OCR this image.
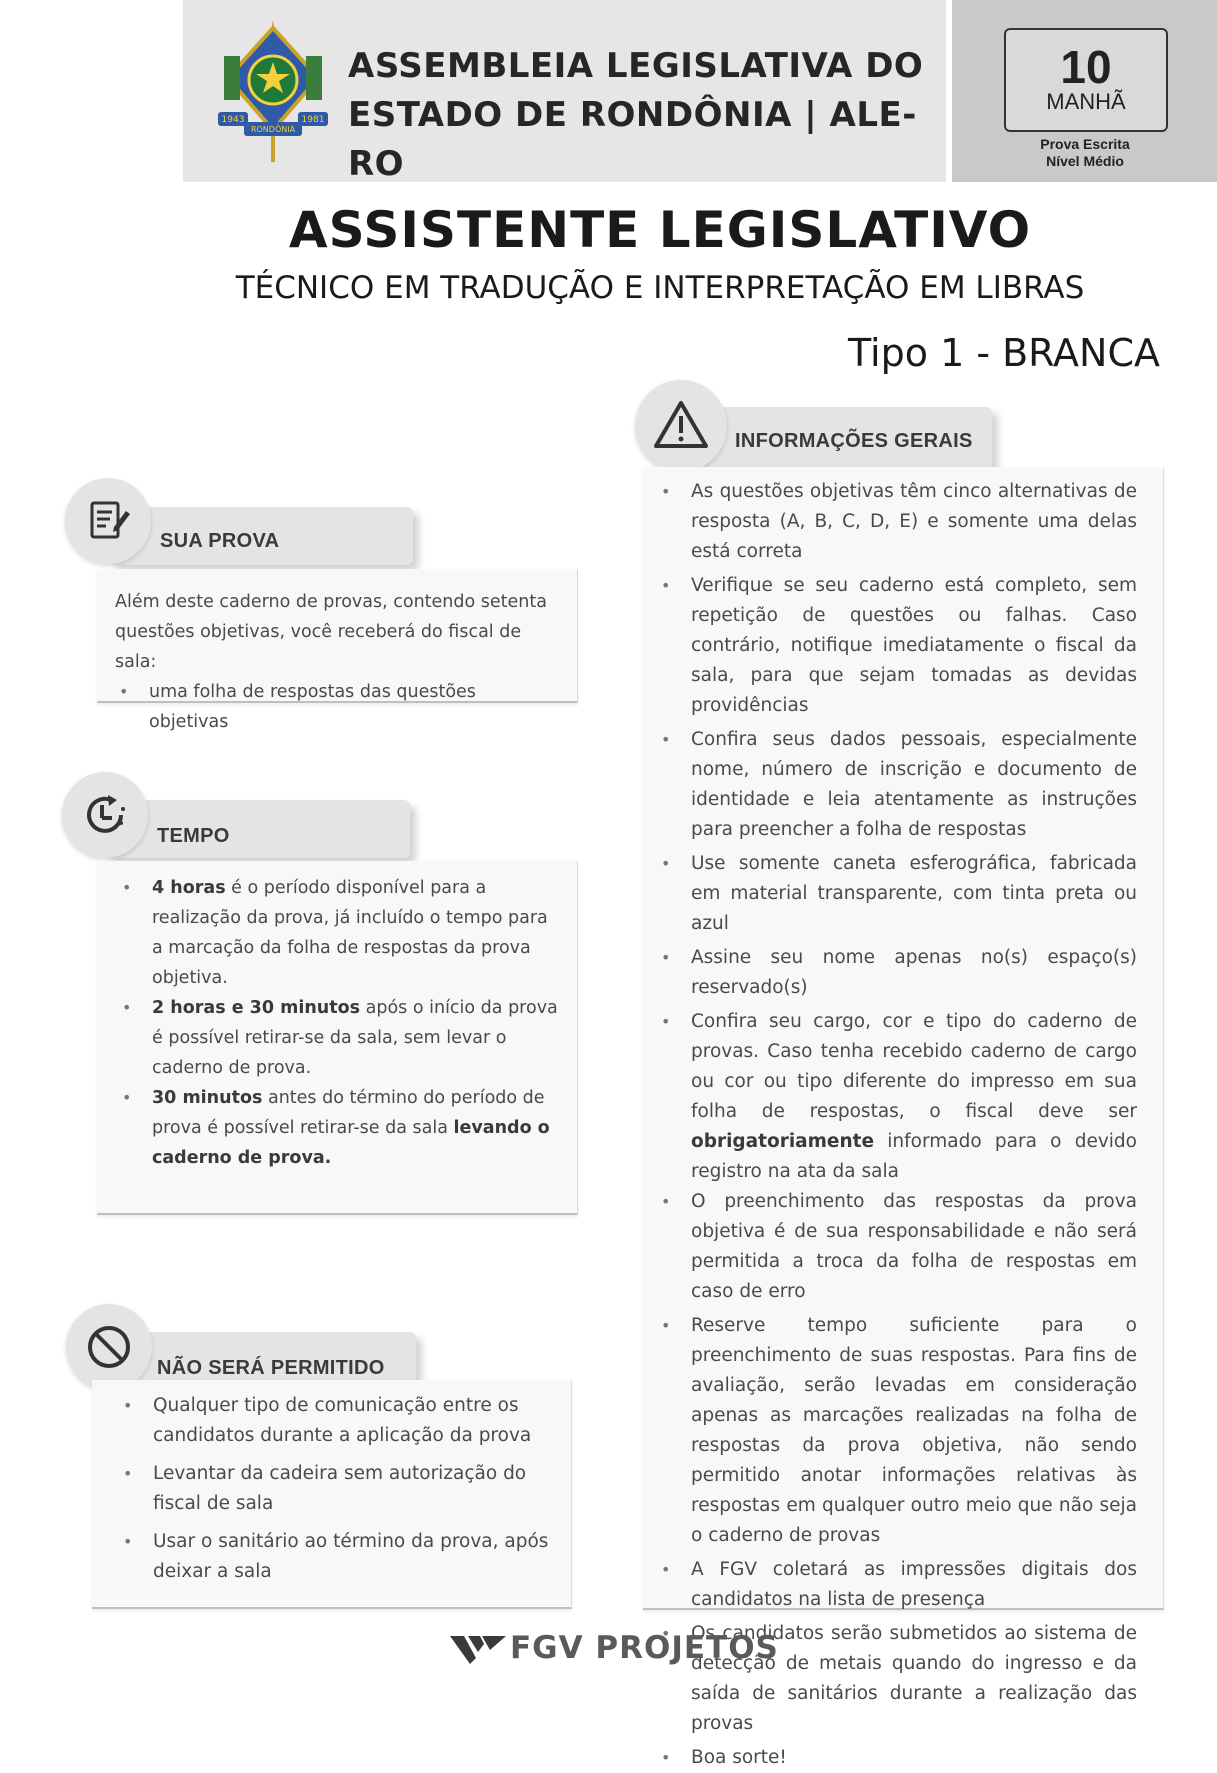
1943	1981
RONDÔNIA
ASSEMBLEIA LEGISLATIVA DO
ESTADO DE RONDÔNIA | ALE-RO
10
MANHÃ
Prova Escrita
Nível Médio
ASSISTENTE LEGISLATIVO
TÉCNICO EM TRADUÇÃO E INTERPRETAÇÃO EM LIBRAS
Tipo 1 - BRANCA
SUA PROVA
Além deste caderno de provas, contendo setenta questões objetivas, você receberá do fiscal de sala:
• uma folha de respostas das questões objetivas
TEMPO
• 4 horas é o período disponível para a realização da prova, já incluído o tempo para a marcação da folha de respostas da prova objetiva.
• 2 horas e 30 minutos após o início da prova é possível retirar-se da sala, sem levar o caderno de prova.
• 30 minutos antes do término do período de prova é possível retirar-se da sala levando o caderno de prova.
NÃO SERÁ PERMITIDO
• Qualquer tipo de comunicação entre os candidatos durante a aplicação da prova
• Levantar da cadeira sem autorização do fiscal de sala
• Usar o sanitário ao término da prova, após deixar a sala
INFORMAÇÕES GERAIS
• As questões objetivas têm cinco alternativas de resposta (A, B, C, D, E) e somente uma delas está correta
• Verifique se seu caderno está completo, sem repetição de questões ou falhas. Caso contrário, notifique imediatamente o fiscal da sala, para que sejam tomadas as devidas providências
• Confira seus dados pessoais, especialmente nome, número de inscrição e documento de identidade e leia atentamente as instruções para preencher a folha de respostas
• Use somente caneta esferográfica, fabricada em material transparente, com tinta preta ou azul
• Assine seu nome apenas no(s) espaço(s) reservado(s)
• Confira seu cargo, cor e tipo do caderno de provas. Caso tenha recebido caderno de cargo ou cor ou tipo diferente do impresso em sua folha de respostas, o fiscal deve ser obrigatoriamente informado para o devido registro na ata da sala
• O preenchimento das respostas da prova objetiva é de sua responsabilidade e não será permitida a troca da folha de respostas em caso de erro
• Reserve tempo suficiente para o preenchimento de suas respostas. Para fins de avaliação, serão levadas em consideração apenas as marcações realizadas na folha de respostas da prova objetiva, não sendo permitido anotar informações relativas às respostas em qualquer outro meio que não seja o caderno de provas
• A FGV coletará as impressões digitais dos candidatos na lista de presença
• Os candidatos serão submetidos ao sistema de detecção de metais quando do ingresso e da saída de sanitários durante a realização das provas
• Boa sorte!
FGV PROJETOS
